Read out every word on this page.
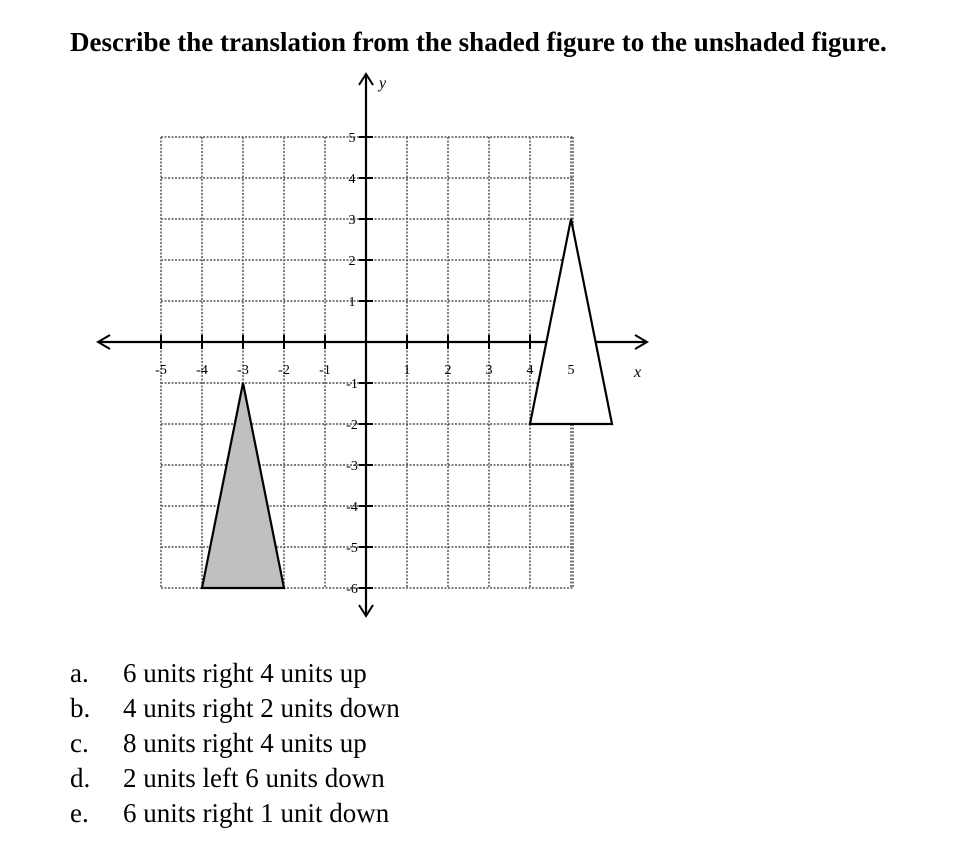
Describe the translation from the shaded figure to the unshaded figure.

-5 -4 -3 -2 -1	1 2 3 4 5
5
4
3
2
1
-1
-2
-3
-4
-5
-6
x
y
a. 6 units right 4 units up
b. 4 units right 2 units down
c. 8 units right 4 units up
d. 2 units left 6 units down
e. 6 units right 1 unit down
